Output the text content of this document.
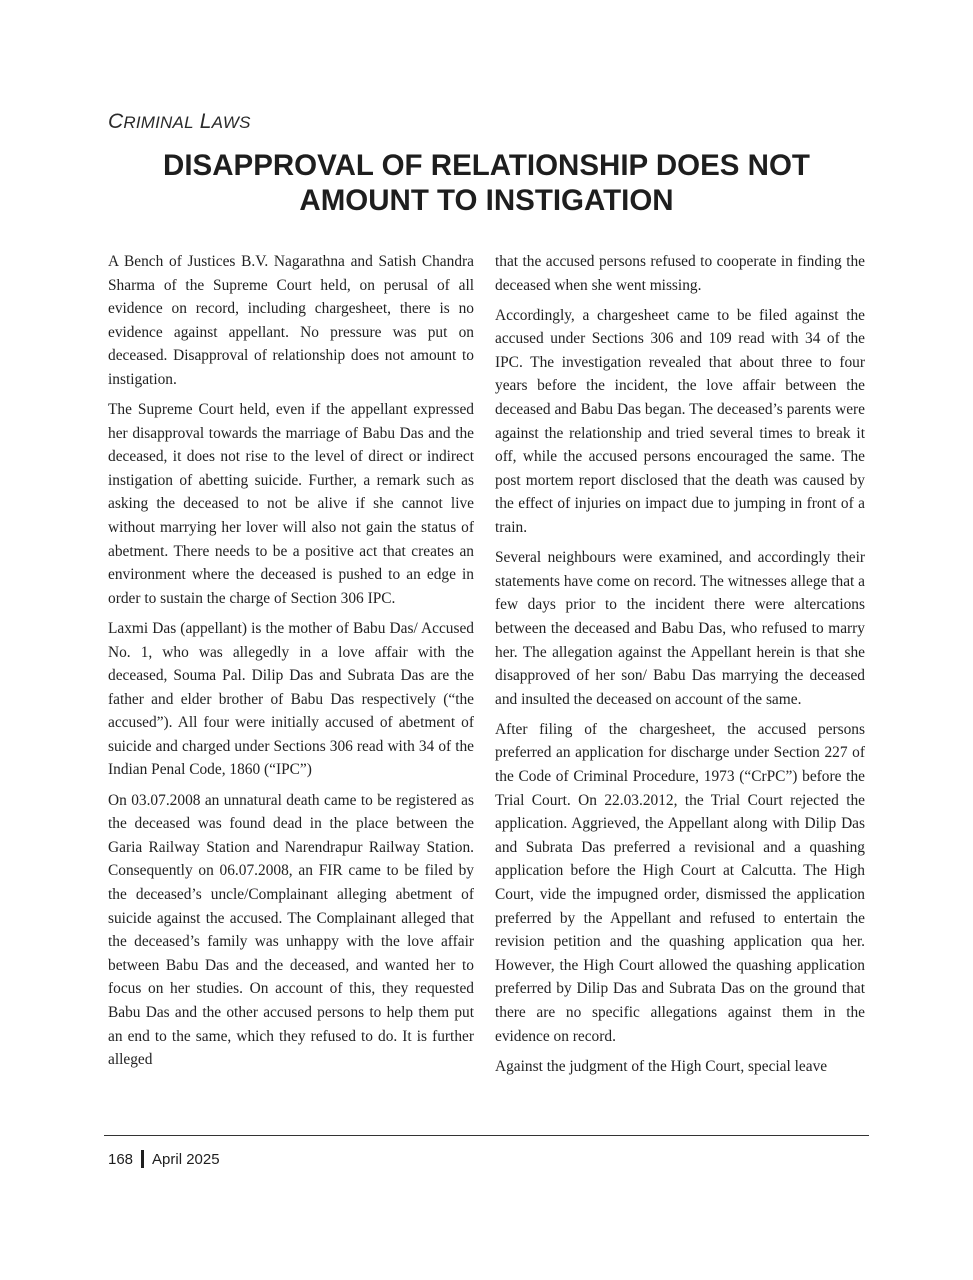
CRIMINAL LAWS
DISAPPROVAL OF RELATIONSHIP DOES NOT AMOUNT TO INSTIGATION

A Bench of Justices B.V. Nagarathna and Satish Chandra Sharma of the Supreme Court held, on perusal of all evidence on record, including chargesheet, there is no evidence against appellant. No pressure was put on deceased. Disapproval of relationship does not amount to instigation.

The Supreme Court held, even if the appellant expressed her disapproval towards the marriage of Babu Das and the deceased, it does not rise to the level of direct or indirect instigation of abetting suicide. Further, a remark such as asking the deceased to not be alive if she cannot live without marrying her lover will also not gain the status of abetment. There needs to be a positive act that creates an environment where the deceased is pushed to an edge in order to sustain the charge of Section 306 IPC.

Laxmi Das (appellant) is the mother of Babu Das/ Accused No. 1, who was allegedly in a love affair with the deceased, Souma Pal. Dilip Das and Subrata Das are the father and elder brother of Babu Das respectively (“the accused”). All four were initially accused of abetment of suicide and charged under Sections 306 read with 34 of the Indian Penal Code, 1860 (“IPC”)

On 03.07.2008 an unnatural death came to be registered as the deceased was found dead in the place between the Garia Railway Station and Narendrapur Railway Station. Consequently on 06.07.2008, an FIR came to be filed by the deceased’s uncle/Complainant alleging abetment of suicide against the accused. The Complainant alleged that the deceased’s family was unhappy with the love affair between Babu Das and the deceased, and wanted her to focus on her studies. On account of this, they requested Babu Das and the other accused persons to help them put an end to the same, which they refused to do. It is further alleged

that the accused persons refused to cooperate in finding the deceased when she went missing.

Accordingly, a chargesheet came to be filed against the accused under Sections 306 and 109 read with 34 of the IPC. The investigation revealed that about three to four years before the incident, the love affair between the deceased and Babu Das began. The deceased’s parents were against the relationship and tried several times to break it off, while the accused persons encouraged the same. The post mortem report disclosed that the death was caused by the effect of injuries on impact due to jumping in front of a train.

Several neighbours were examined, and accordingly their statements have come on record. The witnesses allege that a few days prior to the incident there were altercations between the deceased and Babu Das, who refused to marry her. The allegation against the Appellant herein is that she disapproved of her son/ Babu Das marrying the deceased and insulted the deceased on account of the same.

After filing of the chargesheet, the accused persons preferred an application for discharge under Section 227 of the Code of Criminal Procedure, 1973 (“CrPC”) before the Trial Court. On 22.03.2012, the Trial Court rejected the application. Aggrieved, the Appellant along with Dilip Das and Subrata Das preferred a revisional and a quashing application before the High Court at Calcutta. The High Court, vide the impugned order, dismissed the application preferred by the Appellant and refused to entertain the revision petition and the quashing application qua her. However, the High Court allowed the quashing application preferred by Dilip Das and Subrata Das on the ground that there are no specific allegations against them in the evidence on record.

Against the judgment of the High Court, special leave

168 April 2025
